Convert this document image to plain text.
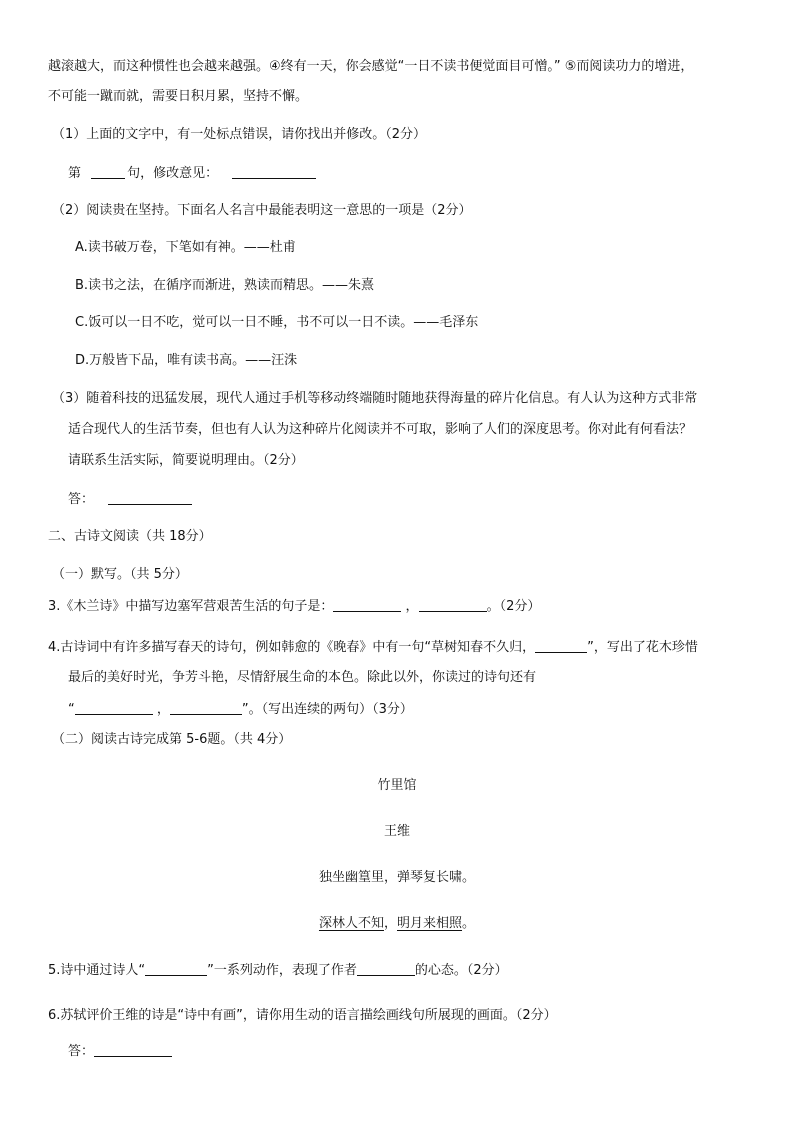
越滚越大，而这种惯性也会越来越强。④终有一天，你会感觉“一日不读书便觉面目可憎。” ⑤而阅读功力的增进，
不可能一蹴而就，需要日积月累，坚持不懈。
（1）上面的文字中，有一处标点错误，请你找出并修改。（2分）
第	句，修改意见：
（2）阅读贵在坚持。下面名人名言中最能表明这一意思的一项是（2分）
A.读书破万卷，下笔如有神。——杜甫
B.读书之法，在循序而渐进，熟读而精思。——朱熹
C.饭可以一日不吃，觉可以一日不睡，书不可以一日不读。——毛泽东
D.万般皆下品，唯有读书高。——汪洙
（3）随着科技的迅猛发展，现代人通过手机等移动终端随时随地获得海量的碎片化信息。有人认为这种方式非常
适合现代人的生活节奏，但也有人认为这种碎片化阅读并不可取，影响了人们的深度思考。你对此有何看法？
请联系生活实际，简要说明理由。（2分）
答：
二、古诗文阅读（共 18分）
（一）默写。（共 5分）
3.《木兰诗》中描写边塞军营艰苦生活的句子是：	，	。（2分）
4.古诗词中有许多描写春天的诗句，例如韩愈的《晚春》中有一句“草树知春不久归，	”，写出了花木珍惜
最后的美好时光，争芳斗艳，尽情舒展生命的本色。除此以外，你读过的诗句还有
“	，	”。（写出连续的两句）（3分）
（二）阅读古诗完成第 5-6题。（共 4分）
竹里馆
王维
独坐幽篁里，弹琴复长啸。
深林人不知，明月来相照。
5.诗中通过诗人“	”一系列动作，表现了作者	的心态。（2分）
6.苏轼评价王维的诗是“诗中有画”，请你用生动的语言描绘画线句所展现的画面。（2分）
答：
